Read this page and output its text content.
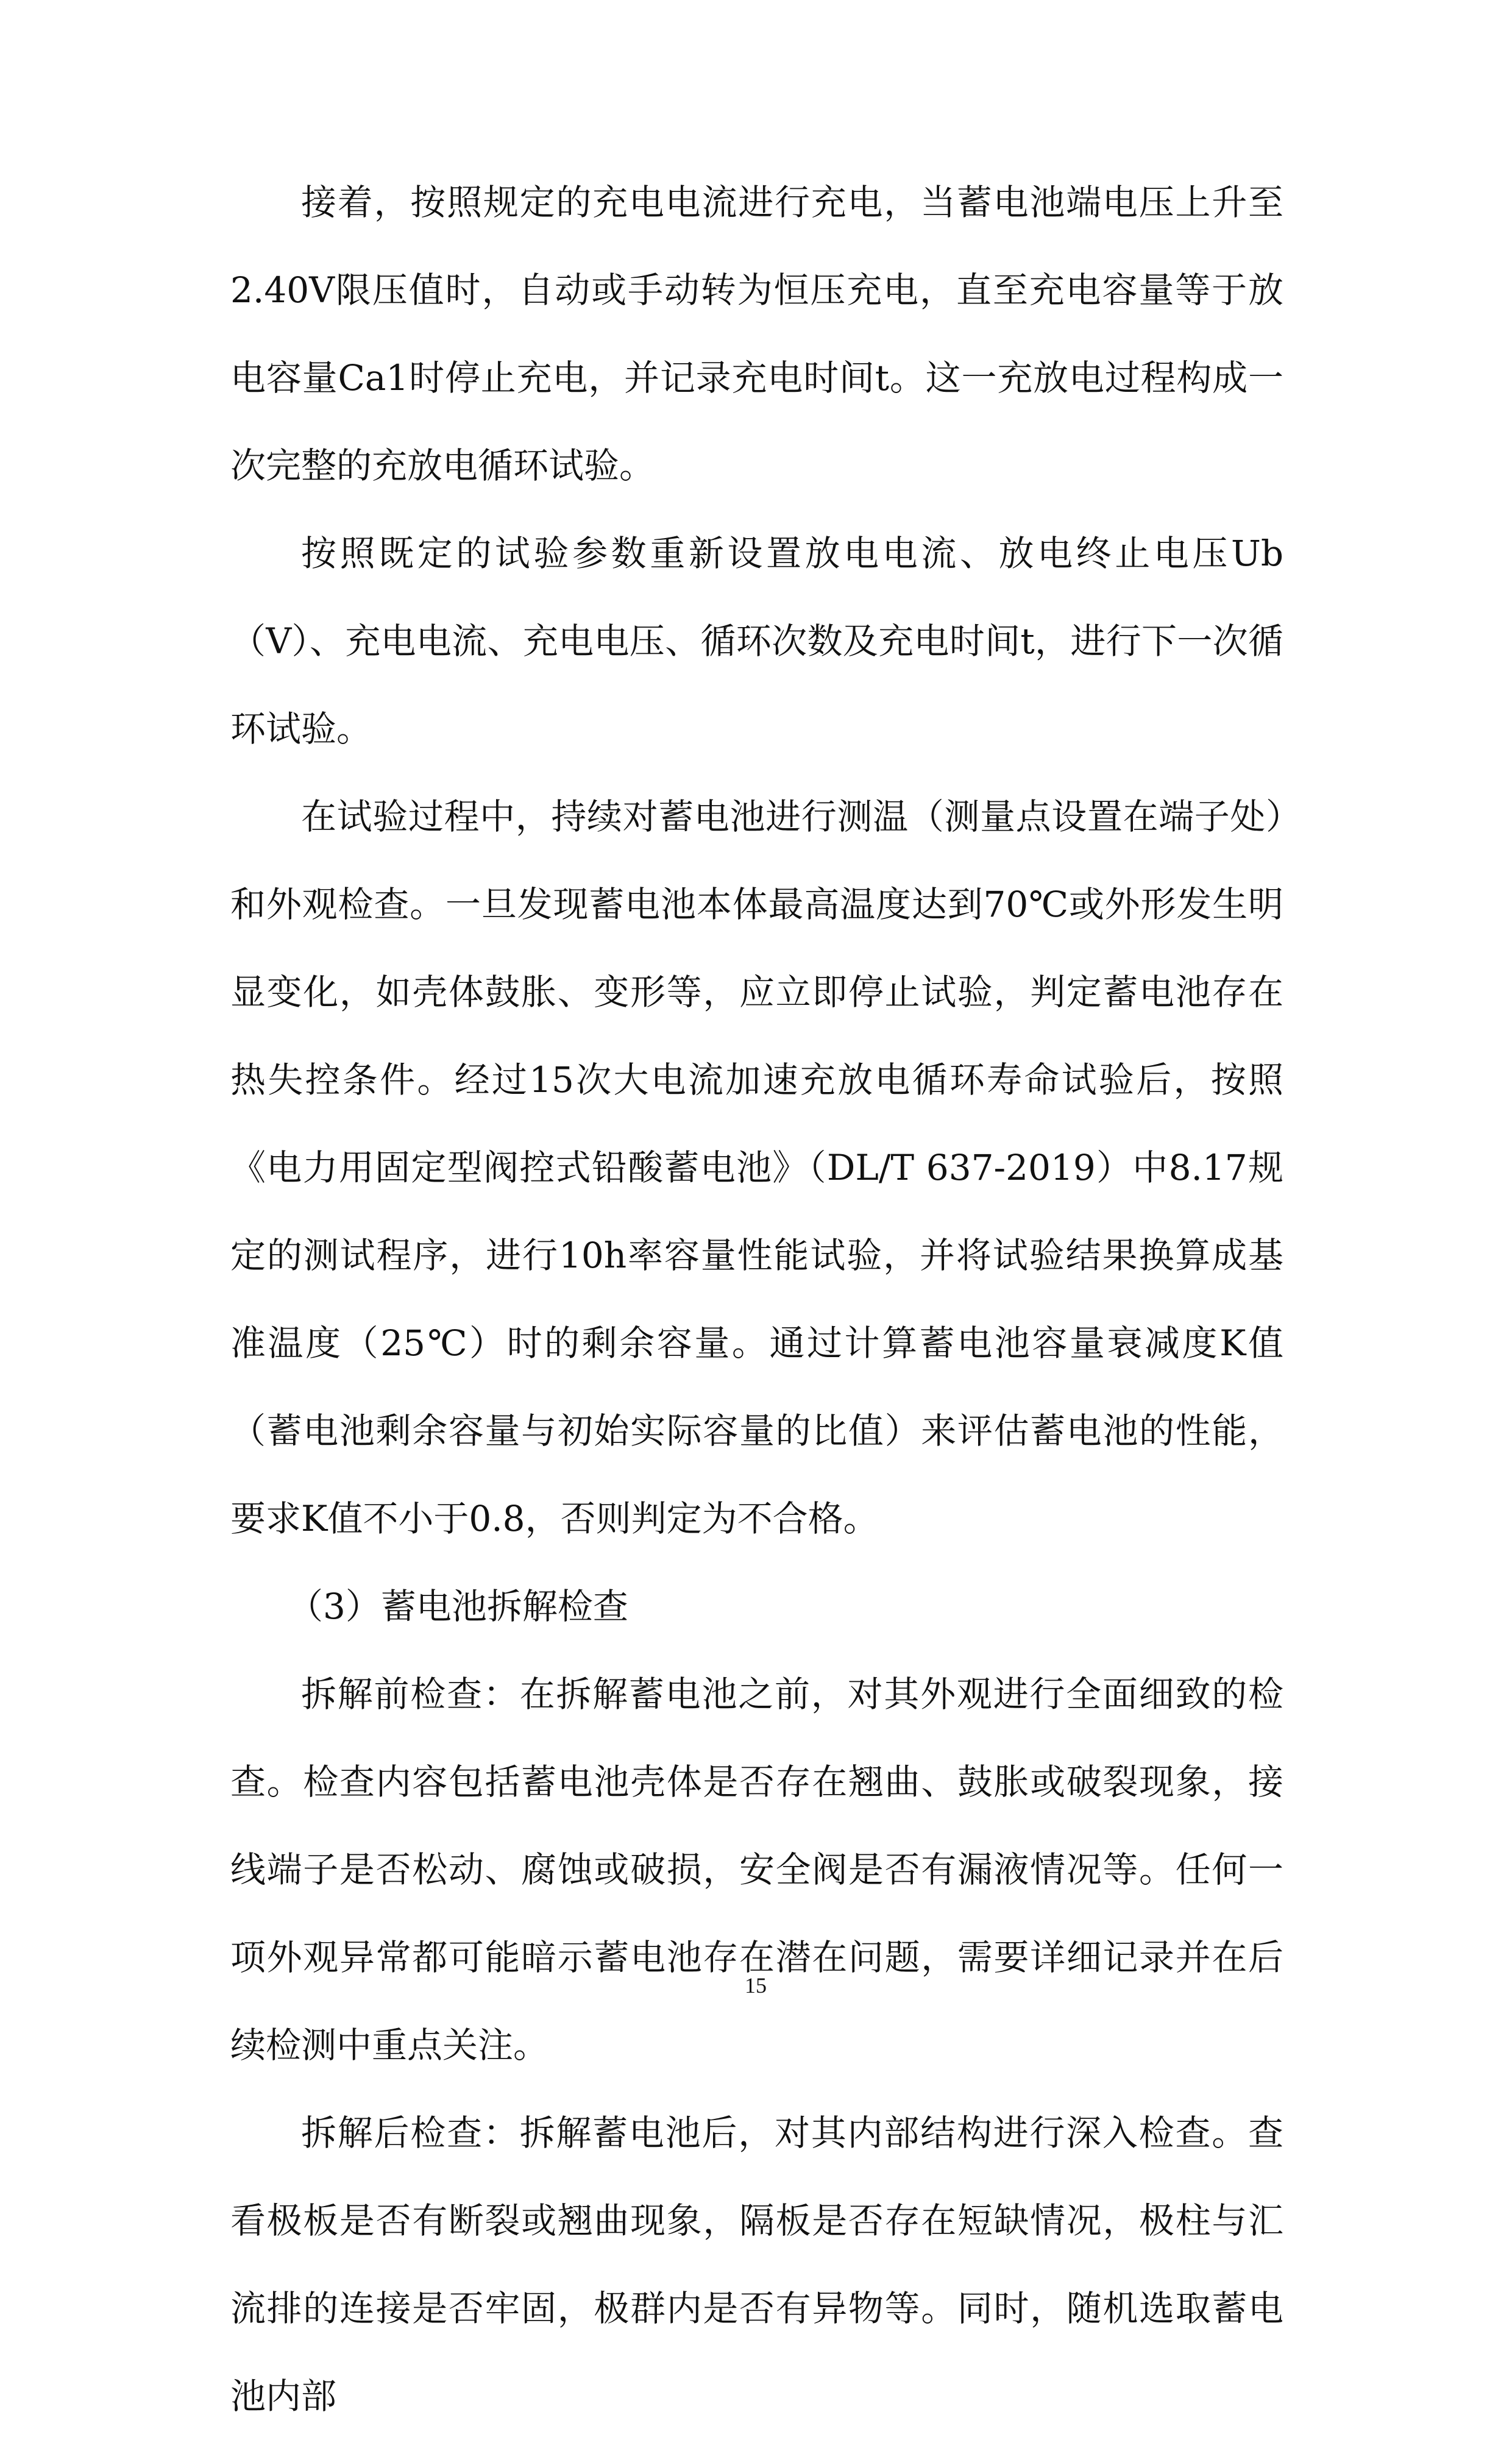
接着，按照规定的充电电流进行充电，当蓄电池端电压上升至2.40V限压值时，自动或手动转为恒压充电，直至充电容量等于放电容量Ca1时停止充电，并记录充电时间t。这一充放电过程构成一次完整的充放电循环试验。

按照既定的试验参数重新设置放电电流、放电终止电压Ub（V）、充电电流、充电电压、循环次数及充电时间t，进行下一次循环试验。

在试验过程中，持续对蓄电池进行测温（测量点设置在端子处）和外观检查。一旦发现蓄电池本体最高温度达到70℃或外形发生明显变化，如壳体鼓胀、变形等，应立即停止试验，判定蓄电池存在热失控条件。经过15次大电流加速充放电循环寿命试验后，按照《电力用固定型阀控式铅酸蓄电池》（DL/T 637-2019）中8.17规定的测试程序，进行10h率容量性能试验，并将试验结果换算成基准温度（25℃）时的剩余容量。通过计算蓄电池容量衰减度K值（蓄电池剩余容量与初始实际容量的比值）来评估蓄电池的性能，要求K值不小于0.8，否则判定为不合格。

（3）蓄电池拆解检查

拆解前检查：在拆解蓄电池之前，对其外观进行全面细致的检查。检查内容包括蓄电池壳体是否存在翘曲、鼓胀或破裂现象，接线端子是否松动、腐蚀或破损，安全阀是否有漏液情况等。任何一项外观异常都可能暗示蓄电池存在潜在问题，需要详细记录并在后续检测中重点关注。

拆解后检查：拆解蓄电池后，对其内部结构进行深入检查。查看极板是否有断裂或翘曲现象，隔板是否存在短缺情况，极柱与汇流排的连接是否牢固，极群内是否有异物等。同时，随机选取蓄电池内部

15
